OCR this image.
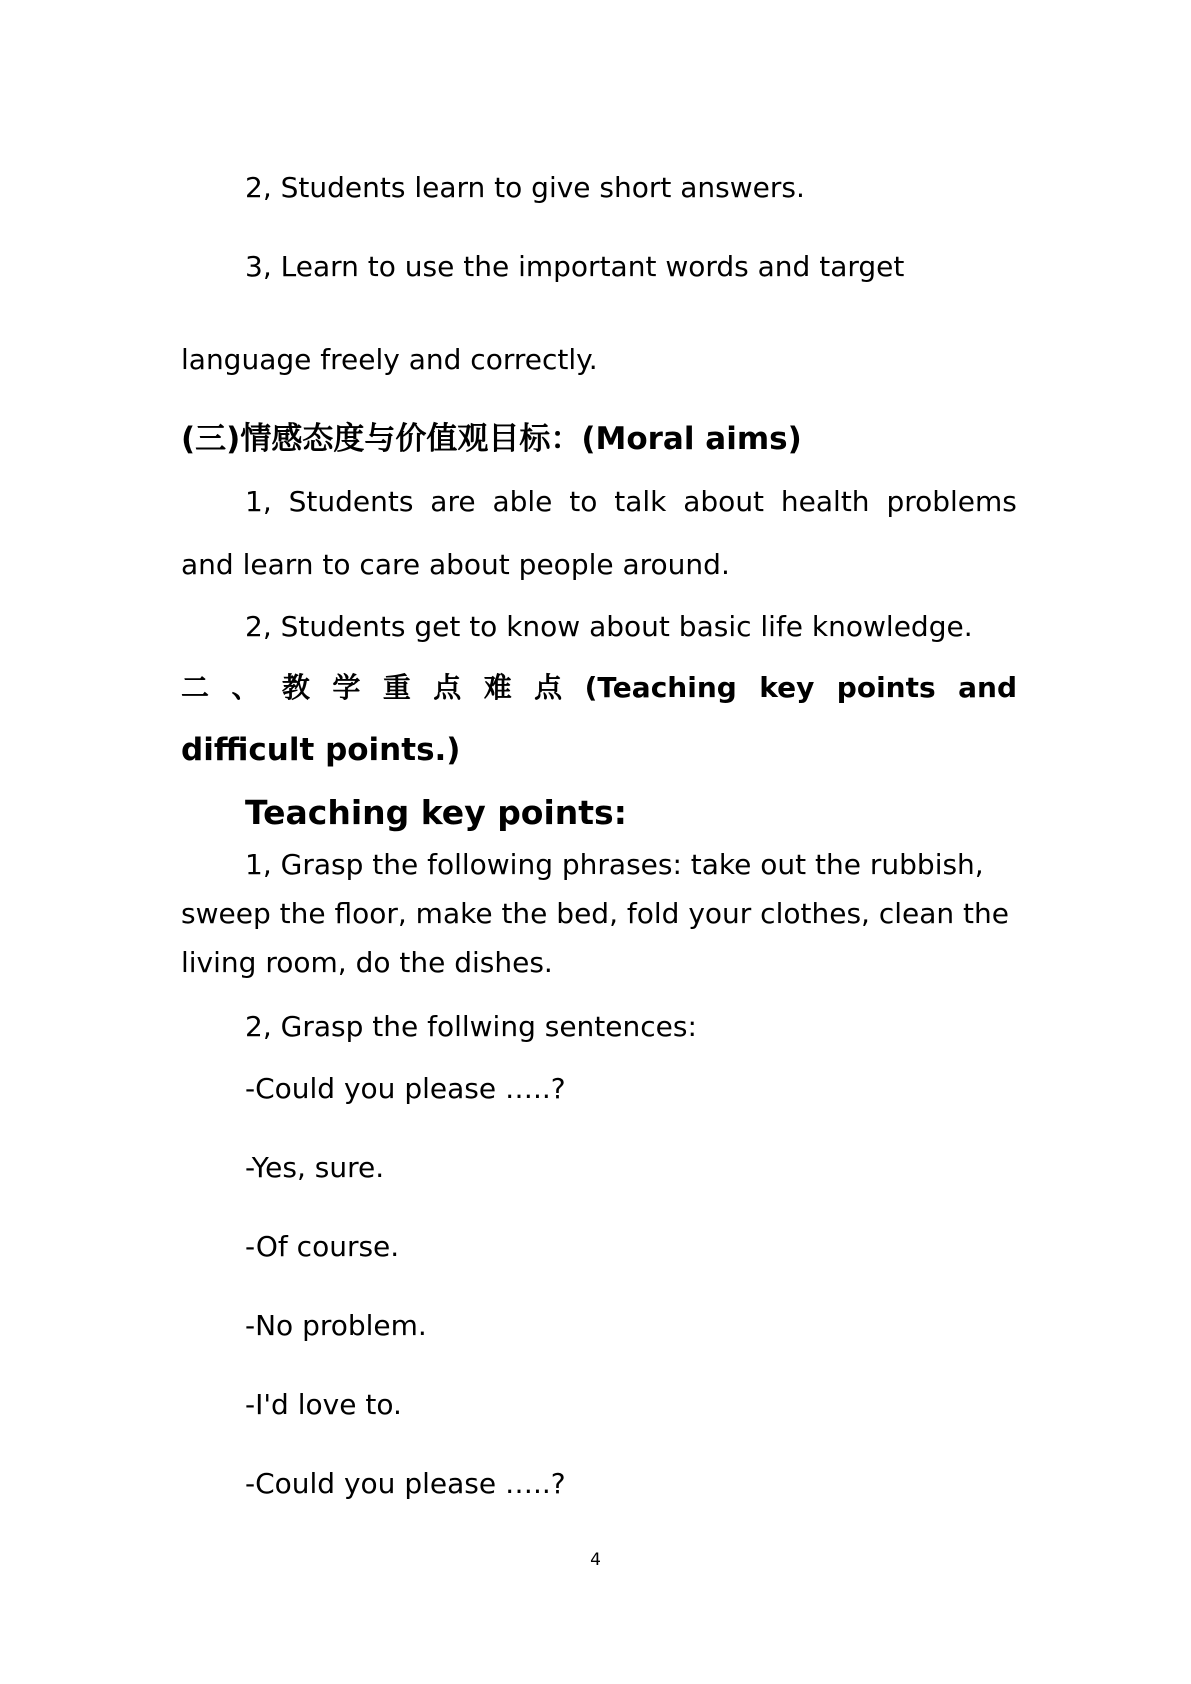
2, Students learn to give short answers.
3, Learn to use the important words and target
language freely and correctly.
(三)情感态度与价值观目标：(Moral aims)
1, Students are able to talk about health problems
and learn to care about people around.
2, Students get to know about basic life knowledge.
二 、 教 学 重 点 难 点 (Teaching key points and
difficult points.)
Teaching key points:
1, Grasp the following phrases: take out the rubbish,
sweep the floor, make the bed, fold your clothes, clean the
living room, do the dishes.
2, Grasp the follwing sentences:
-Could you please …..?
-Yes, sure.
-Of course.
-No problem.
-I'd love to.
-Could you please …..?
4
